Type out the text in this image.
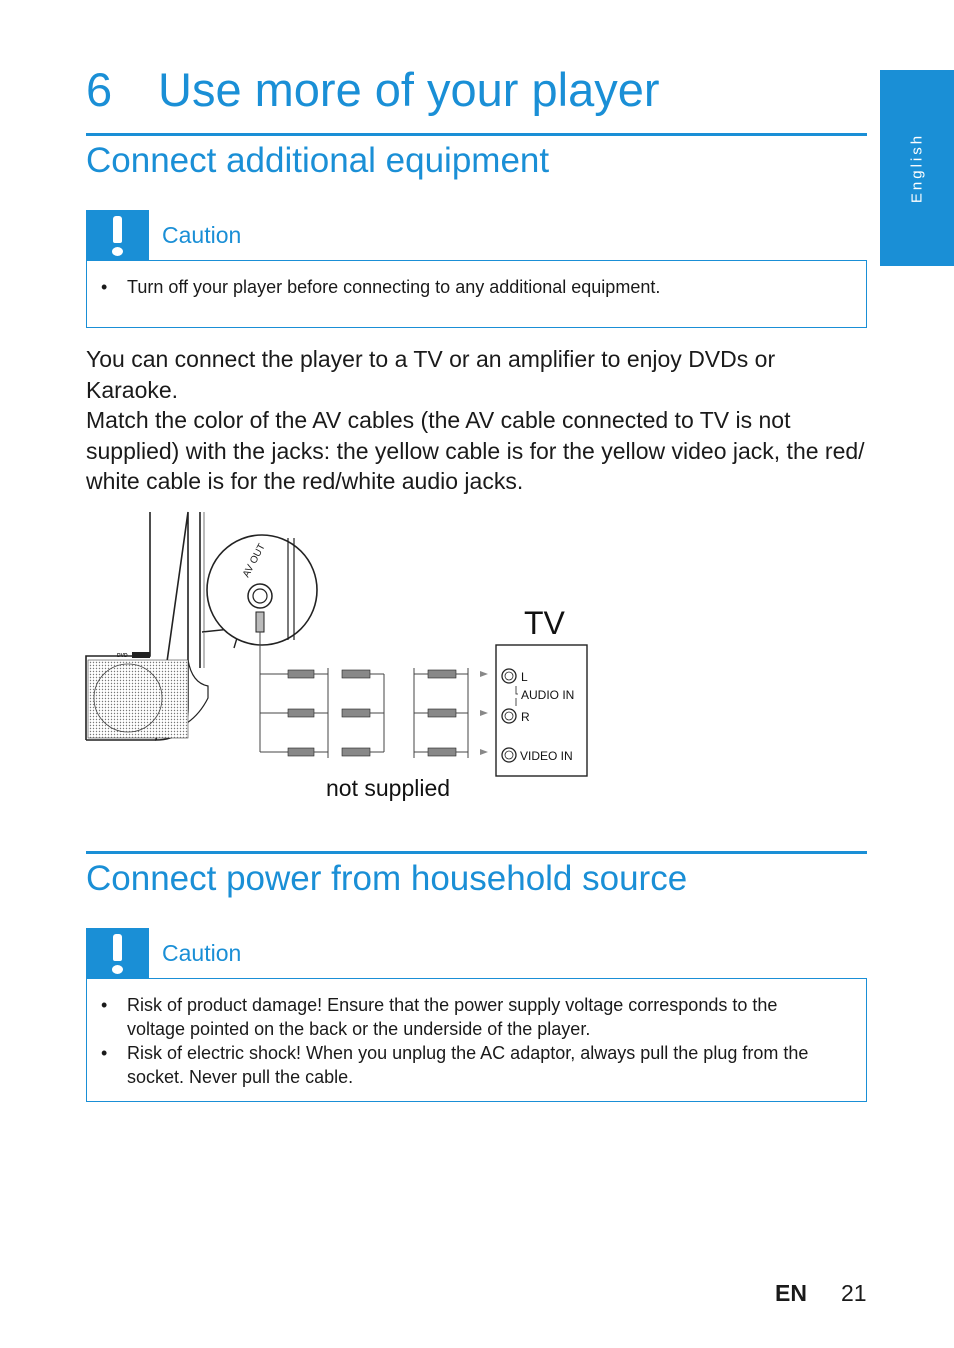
6 Use more of your player
English
Connect additional equipment
Caution
• Turn off your player before connecting to any additional equipment.

You can connect the player to a TV or an amplifier to enjoy DVDs or Karaoke.

Match the color of the AV cables (the AV cable connected to TV is not supplied) with the jacks: the yellow cable is for the yellow video jack, the red/ white cable is for the red/white audio jacks.

DVD
AV OUT
TV
L
AUDIO IN
R
VIDEO IN
not supplied
Connect power from household source
Caution
• Risk of product damage! Ensure that the power supply voltage corresponds to the voltage pointed on the back or the underside of the player.
• Risk of electric shock! When you unplug the AC adaptor, always pull the plug from the socket. Never pull the cable.
EN 21
